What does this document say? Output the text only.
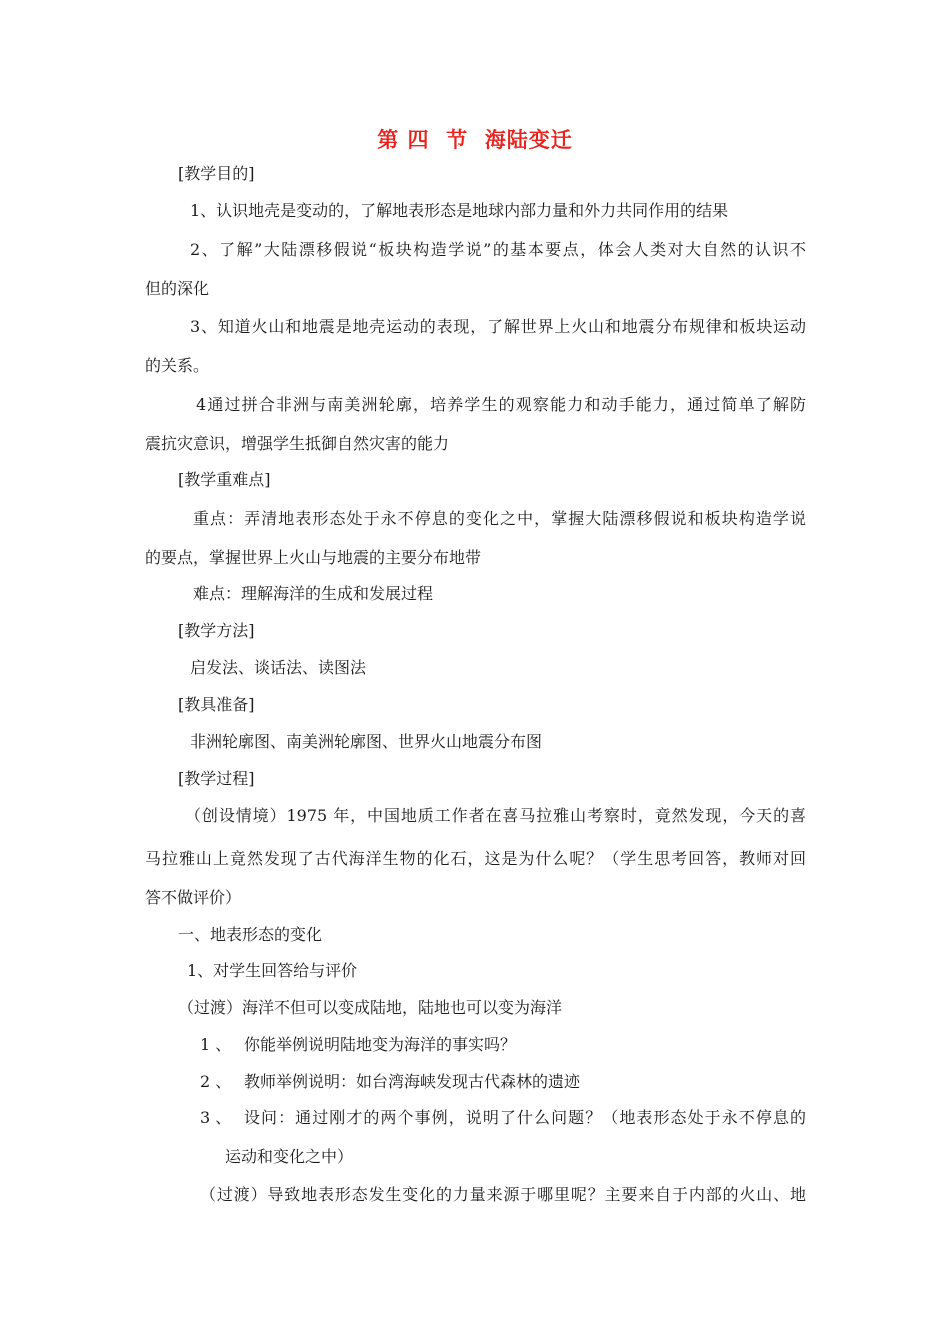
第 四  节  海陆变迁
[教学目的]
1、认识地壳是变动的，了解地表形态是地球内部力量和外力共同作用的结果
2、了解”大陆漂移假说“板块构造学说”的基本要点，体会人类对大自然的认识不
但的深化
3、知道火山和地震是地壳运动的表现，了解世界上火山和地震分布规律和板块运动
的关系。
4通过拼合非洲与南美洲轮廓，培养学生的观察能力和动手能力，通过简单了解防
震抗灾意识，增强学生抵御自然灾害的能力
[教学重难点]
重点：弄清地表形态处于永不停息的变化之中，掌握大陆漂移假说和板块构造学说
的要点，掌握世界上火山与地震的主要分布地带
难点：理解海洋的生成和发展过程
[教学方法]
启发法、谈话法、读图法
[教具准备]
非洲轮廓图、南美洲轮廓图、世界火山地震分布图
[教学过程]
（创设情境）1975 年，中国地质工作者在喜马拉雅山考察时，竟然发现，今天的喜
马拉雅山上竟然发现了古代海洋生物的化石，这是为什么呢？（学生思考回答，教师对回
答不做评价）
一、地表形态的变化
1、对学生回答给与评价
（过渡）海洋不但可以变成陆地，陆地也可以变为海洋
1 、 你能举例说明陆地变为海洋的事实吗？
2 、 教师举例说明：如台湾海峡发现古代森林的遗迹
3 、 设问：通过刚才的两个事例，说明了什么问题？（地表形态处于永不停息的
运动和变化之中）
（过渡）导致地表形态发生变化的力量来源于哪里呢？主要来自于内部的火山、地
